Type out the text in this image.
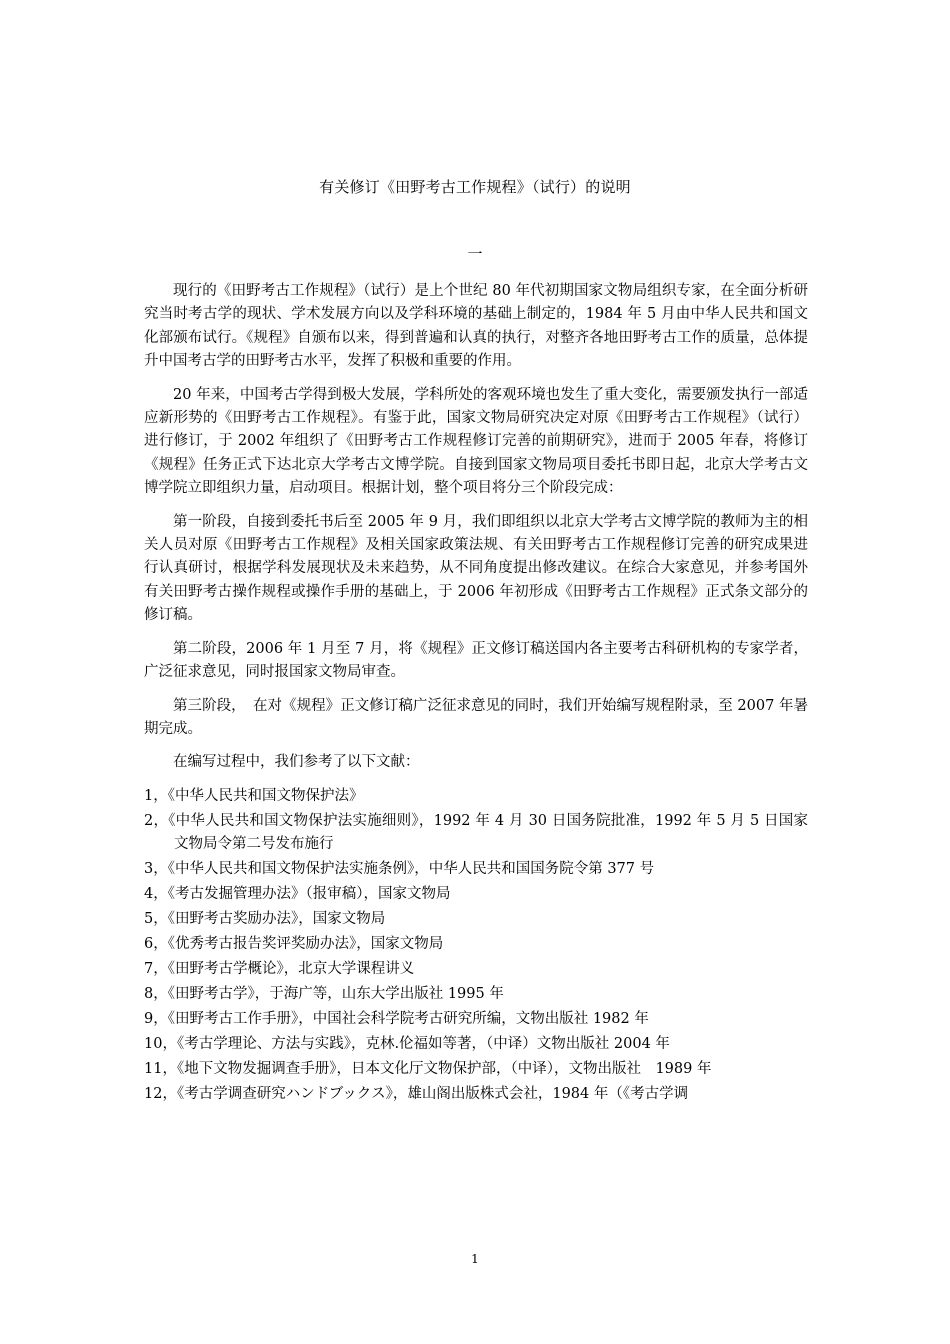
有关修订《田野考古工作规程》（试行）的说明
一

现行的《田野考古工作规程》（试行）是上个世纪 80 年代初期国家文物局组织专家，在全面分析研究当时考古学的现状、学术发展方向以及学科环境的基础上制定的，1984 年 5 月由中华人民共和国文化部颁布试行。《规程》自颁布以来，得到普遍和认真的执行，对整齐各地田野考古工作的质量，总体提升中国考古学的田野考古水平，发挥了积极和重要的作用。

20 年来，中国考古学得到极大发展，学科所处的客观环境也发生了重大变化，需要颁发执行一部适应新形势的《田野考古工作规程》。有鉴于此，国家文物局研究决定对原《田野考古工作规程》（试行）进行修订，于 2002 年组织了《田野考古工作规程修订完善的前期研究》，进而于 2005 年春，将修订《规程》任务正式下达北京大学考古文博学院。自接到国家文物局项目委托书即日起，北京大学考古文博学院立即组织力量，启动项目。根据计划，整个项目将分三个阶段完成：

第一阶段，自接到委托书后至 2005 年 9 月，我们即组织以北京大学考古文博学院的教师为主的相关人员对原《田野考古工作规程》及相关国家政策法规、有关田野考古工作规程修订完善的研究成果进行认真研讨，根据学科发展现状及未来趋势，从不同角度提出修改建议。在综合大家意见，并参考国外有关田野考古操作规程或操作手册的基础上，于 2006 年初形成《田野考古工作规程》正式条文部分的修订稿。

第二阶段，2006 年 1 月至 7 月，将《规程》正文修订稿送国内各主要考古科研机构的专家学者，广泛征求意见，同时报国家文物局审查。

第三阶段，　在对《规程》正文修订稿广泛征求意见的同时，我们开始编写规程附录，至 2007 年暑期完成。

在编写过程中，我们参考了以下文献：

1，《中华人民共和国文物保护法》
2，《中华人民共和国文物保护法实施细则》，1992 年 4 月 30 日国务院批准，1992 年 5 月 5 日国家文物局令第二号发布施行
3，《中华人民共和国文物保护法实施条例》，中华人民共和国国务院令第 377 号
4，《考古发掘管理办法》（报审稿），国家文物局
5，《田野考古奖励办法》，国家文物局
6，《优秀考古报告奖评奖励办法》，国家文物局
7，《田野考古学概论》，北京大学课程讲义
8，《田野考古学》，于海广等，山东大学出版社 1995 年
9，《田野考古工作手册》，中国社会科学院考古研究所编，文物出版社 1982 年
10，《考古学理论、方法与实践》，克林.伦福如等著，（中译）文物出版社 2004 年
11，《地下文物发掘调查手册》，日本文化厅文物保护部，（中译），文物出版社　1989 年
12，《考古学调查研究ハンドブックス》，雄山阁出版株式会社，1984 年（《考古学调
1
